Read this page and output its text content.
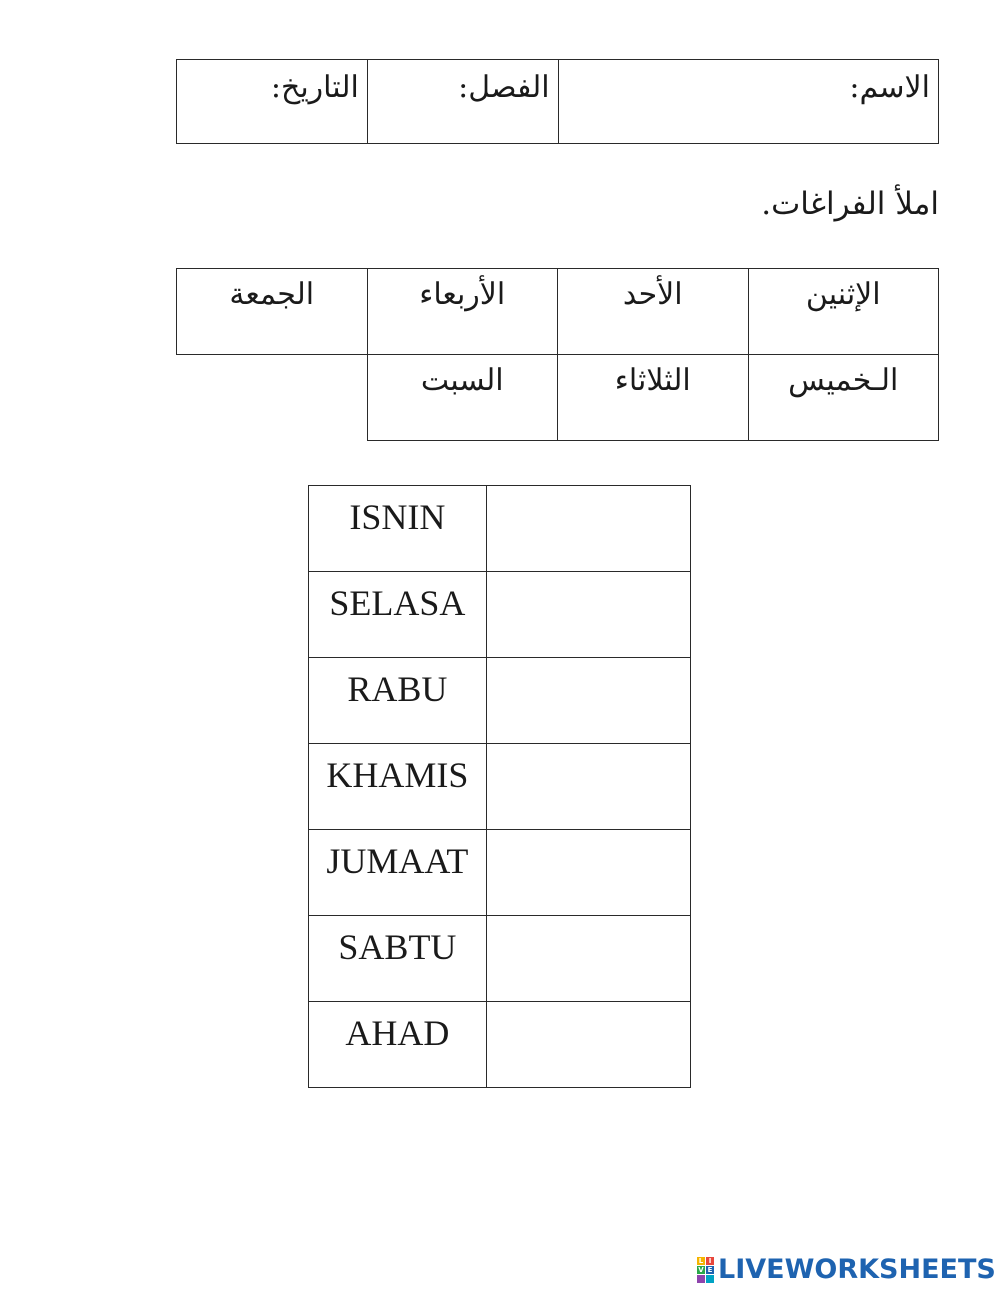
الاسم:	الفصل:	التاريخ:

املأ الفراغات.

الإثنين	الأحد	الأربعاء	الجمعة
الـخميس	الثلاثاء	السبت	
ISNIN	
SELASA	
RABU	
KHAMIS	
JUMAAT	
SABTU	
AHAD	
L I
V E LIVEWORKSHEETS
